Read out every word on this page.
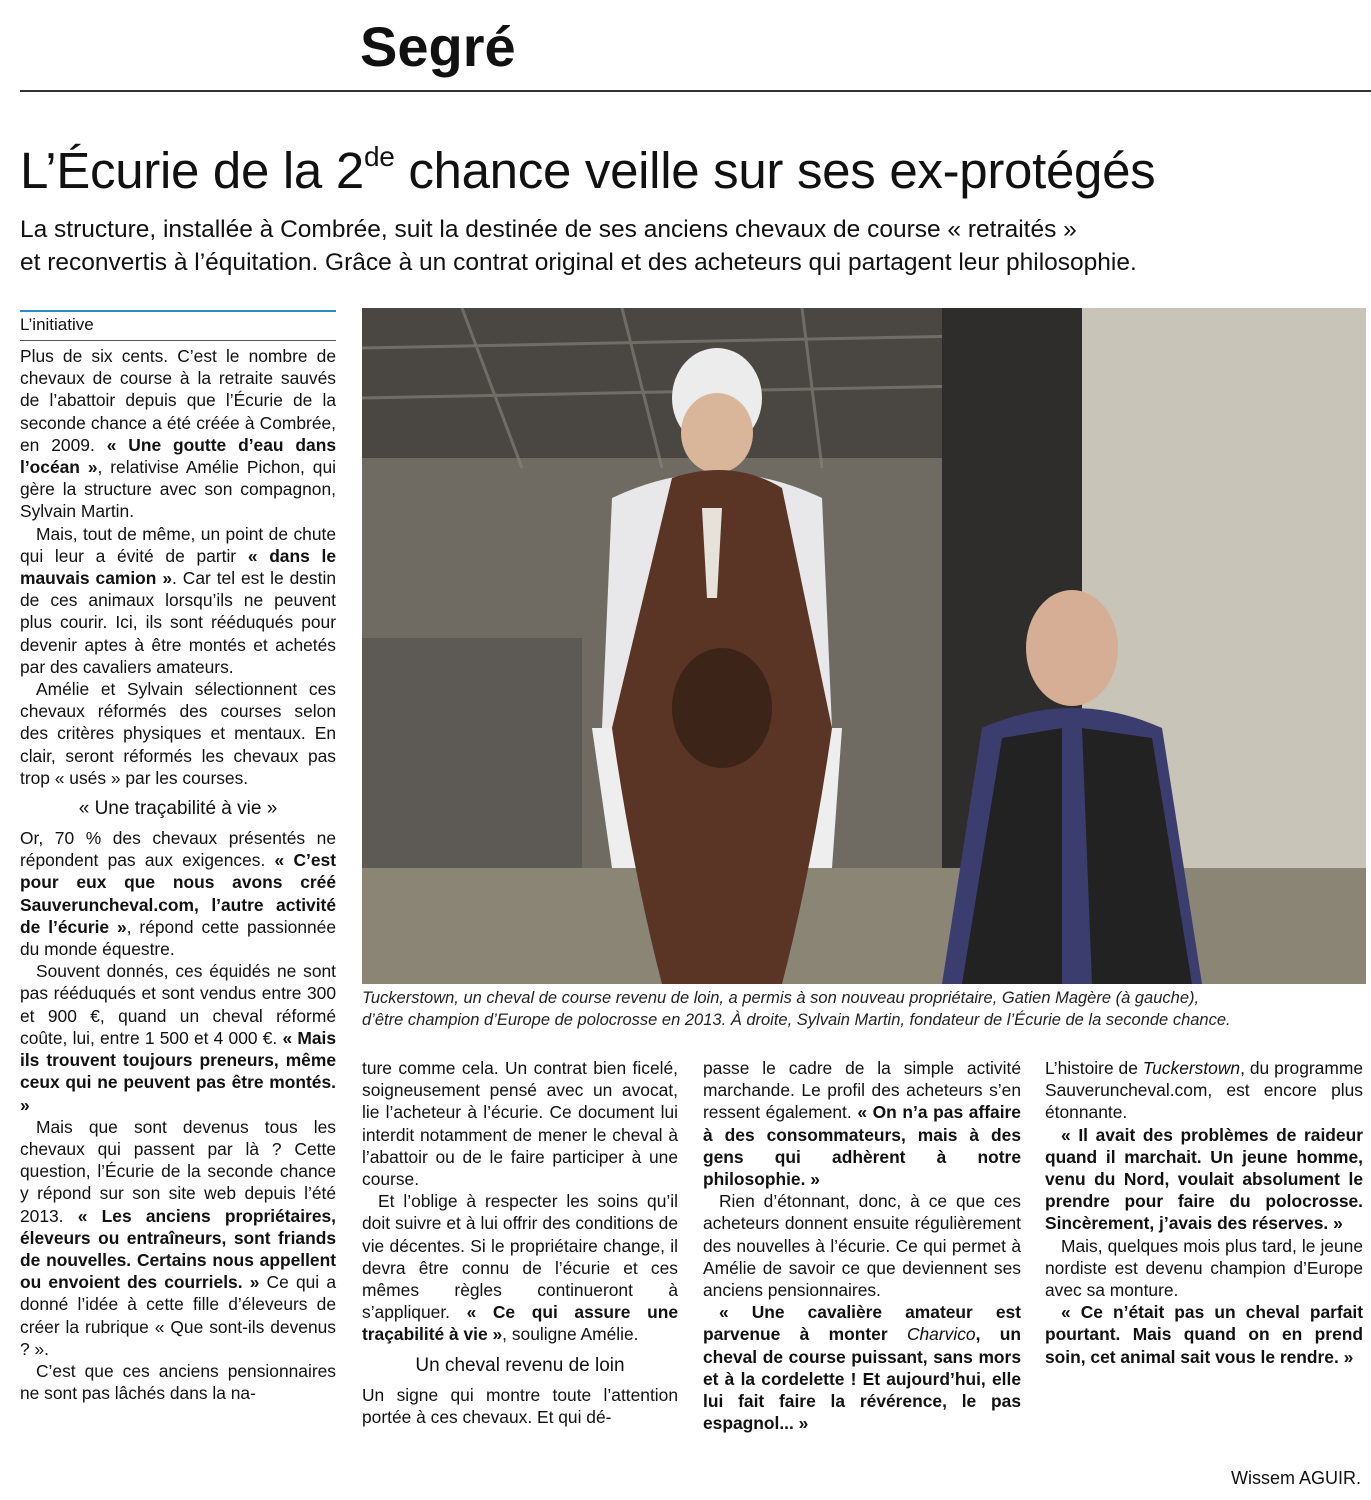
Segré
L’Écurie de la 2de chance veille sur ses ex-protégés

La structure, installée à Combrée, suit la destinée de ses anciens chevaux de course « retraités »

et reconvertis à l’équitation. Grâce à un contrat original et des acheteurs qui partagent leur philosophie.

L’initiative

Plus de six cents. C’est le nombre de chevaux de course à la retraite sauvés de l’abattoir depuis que l’Écurie de la seconde chance a été créée à Combrée, en 2009. « Une goutte d’eau dans l’océan », relativise Amélie Pichon, qui gère la structure avec son compagnon, Sylvain Martin.

Mais, tout de même, un point de chute qui leur a évité de partir « dans le mauvais camion ». Car tel est le destin de ces animaux lorsqu’ils ne peuvent plus courir. Ici, ils sont rééduqués pour devenir aptes à être montés et achetés par des cavaliers amateurs.

Amélie et Sylvain sélectionnent ces chevaux réformés des courses selon des critères physiques et mentaux. En clair, seront réformés les chevaux pas trop « usés » par les courses.

« Une traçabilité à vie »

Or, 70 % des chevaux présentés ne répondent pas aux exigences. « C’est pour eux que nous avons créé Sauveruncheval.com, l’autre activité de l’écurie », répond cette passionnée du monde équestre.

Souvent donnés, ces équidés ne sont pas rééduqués et sont vendus entre 300 et 900 €, quand un cheval réformé coûte, lui, entre 1 500 et 4 000 €. « Mais ils trouvent toujours preneurs, même ceux qui ne peuvent pas être montés. »

Mais que sont devenus tous les chevaux qui passent par là ? Cette question, l’Écurie de la seconde chance y répond sur son site web depuis l’été 2013. « Les anciens propriétaires, éleveurs ou entraîneurs, sont friands de nouvelles. Certains nous appellent ou envoient des courriels. » Ce qui a donné l’idée à cette fille d’éleveurs de créer la rubrique « Que sont-ils devenus ? ».

C’est que ces anciens pensionnaires ne sont pas lâchés dans la na-

Tuckerstown, un cheval de course revenu de loin, a permis à son nouveau propriétaire, Gatien Magère (à gauche),

d’être champion d’Europe de polocrosse en 2013. À droite, Sylvain Martin, fondateur de l’Écurie de la seconde chance.

ture comme cela. Un contrat bien ficelé, soigneusement pensé avec un avocat, lie l’acheteur à l’écurie. Ce document lui interdit notamment de mener le cheval à l’abattoir ou de le faire participer à une course.

Et l’oblige à respecter les soins qu’il doit suivre et à lui offrir des conditions de vie décentes. Si le propriétaire change, il devra être connu de l’écurie et ces mêmes règles continueront à s’appliquer. « Ce qui assure une traçabilité à vie », souligne Amélie.

Un cheval revenu de loin

Un signe qui montre toute l’attention portée à ces chevaux. Et qui dé-

passe le cadre de la simple activité marchande. Le profil des acheteurs s’en ressent également. « On n’a pas affaire à des consommateurs, mais à des gens qui adhèrent à notre philosophie. »

Rien d’étonnant, donc, à ce que ces acheteurs donnent ensuite régulièrement des nouvelles à l’écurie. Ce qui permet à Amélie de savoir ce que deviennent ses anciens pensionnaires.

« Une cavalière amateur est parvenue à monter Charvico, un cheval de course puissant, sans mors et à la cordelette ! Et aujourd’hui, elle lui fait faire la révérence, le pas espagnol... »

L’histoire de Tuckerstown, du programme Sauveruncheval.com, est encore plus étonnante.

« Il avait des problèmes de raideur quand il marchait. Un jeune homme, venu du Nord, voulait absolument le prendre pour faire du polocrosse. Sincèrement, j’avais des réserves. »

Mais, quelques mois plus tard, le jeune nordiste est devenu champion d’Europe avec sa monture.

« Ce n’était pas un cheval parfait pourtant. Mais quand on en prend soin, cet animal sait vous le rendre. »

Wissem AGUIR.
